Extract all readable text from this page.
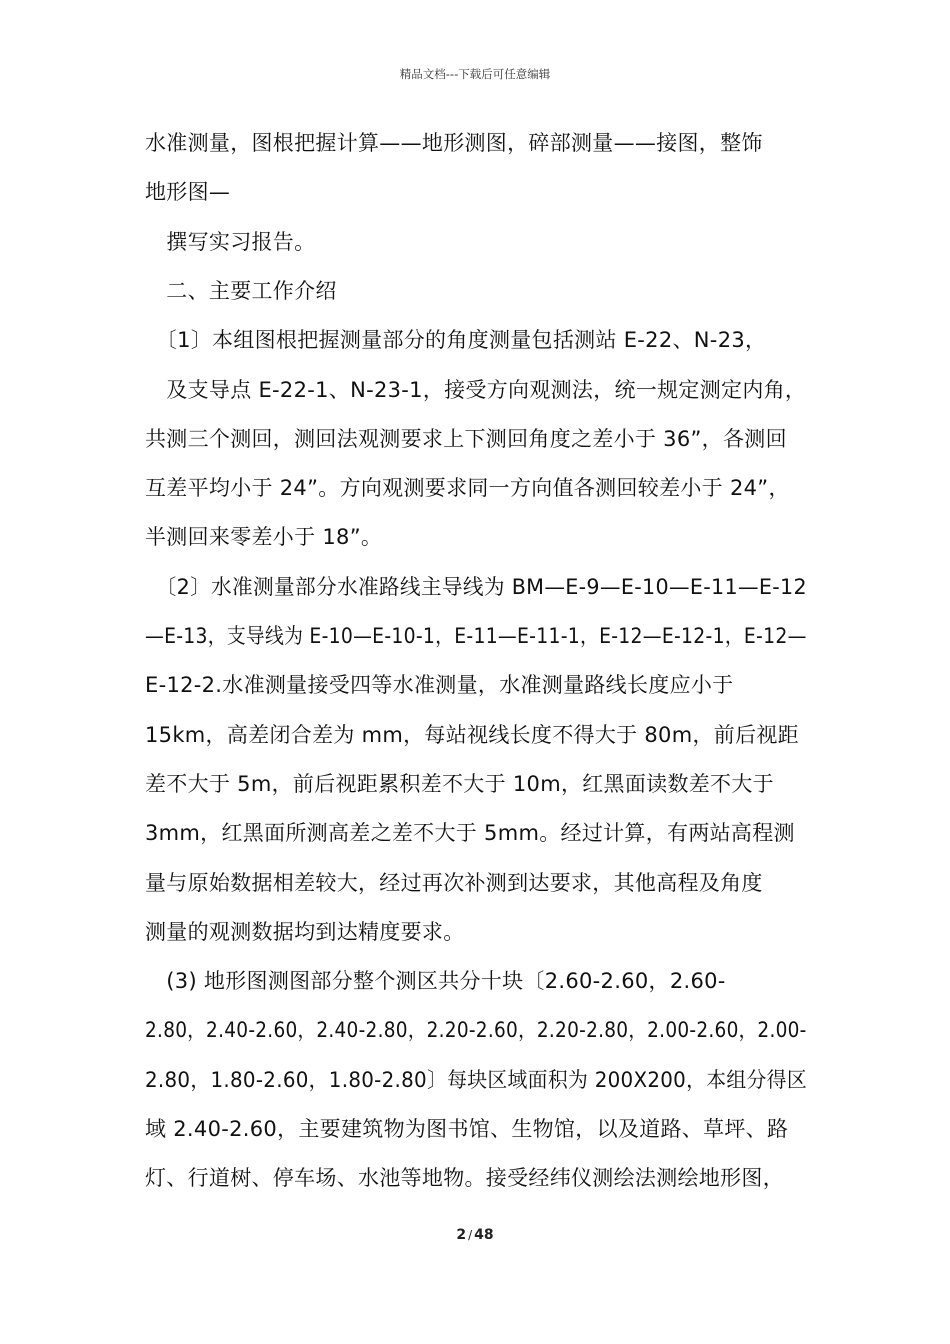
精品文档---下载后可任意编辑
水准测量，图根把握计算——地形测图，碎部测量——接图，整饰
地形图—
　撰写实习报告。
　二、主要工作介绍
　〔1〕本组图根把握测量部分的角度测量包括测站 E-22、N-23，
　及支导点 E-22-1、N-23-1，接受方向观测法，统一规定测定内角，
共测三个测回，测回法观测要求上下测回角度之差小于 36”，各测回
互差平均小于 24”。方向观测要求同一方向值各测回较差小于 24”，
半测回来零差小于 18”。
　〔2〕水准测量部分水准路线主导线为 BM—E-9—E-10—E-11—E-12
—E-13，支导线为 E-10—E-10-1，E-11—E-11-1，E-12—E-12-1，E-12—
E-12-2.水准测量接受四等水准测量，水准测量路线长度应小于
15km，高差闭合差为 mm，每站视线长度不得大于 80m，前后视距
差不大于 5m，前后视距累积差不大于 10m，红黑面读数差不大于
3mm，红黑面所测高差之差不大于 5mm。经过计算，有两站高程测
量与原始数据相差较大，经过再次补测到达要求，其他高程及角度
测量的观测数据均到达精度要求。
　(3) 地形图测图部分整个测区共分十块〔2.60-2.60，2.60-
2.80，2.40-2.60，2.40-2.80，2.20-2.60，2.20-2.80，2.00-2.60，2.00-
2.80，1.80-2.60，1.80-2.80〕每块区域面积为 200X200，本组分得区
域 2.40-2.60，主要建筑物为图书馆、生物馆，以及道路、草坪、路
灯、行道树、停车场、水池等地物。接受经纬仪测绘法测绘地形图，
2 / 48
